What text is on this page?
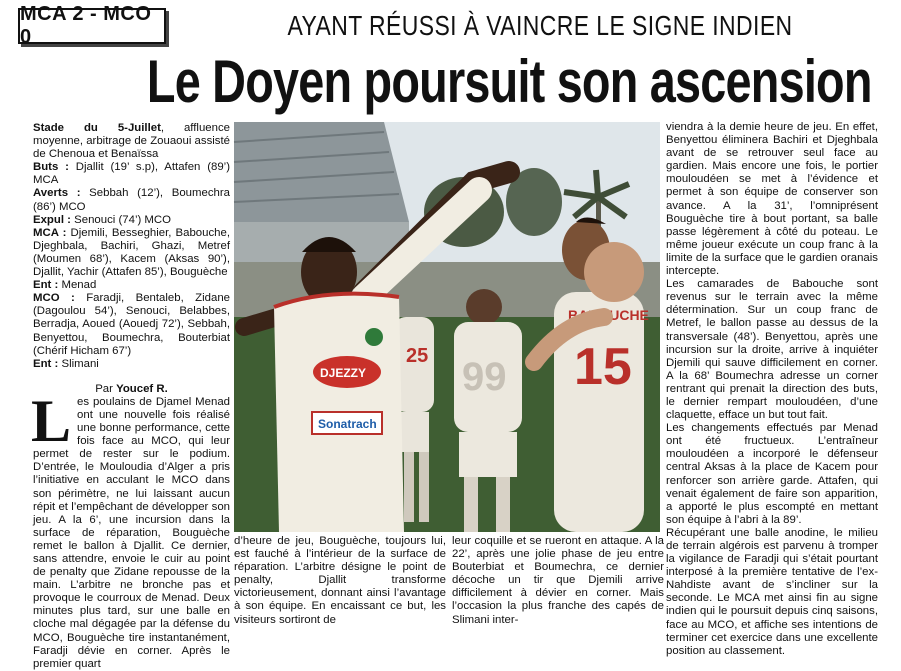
MCA 2 - MCO 0	AYANT RÉUSSI À VAINCRE LE SIGNE INDIEN
Le Doyen poursuit son ascension

Stade du 5-Juillet, affluence moyenne, arbitrage de Zouaoui assisté de Chenoua et Benaïssa

Buts : Djallit (19’ s.p), Attafen (89’) MCA

Averts : Sebbah (12’), Boumechra (86’) MCO

Expul : Senouci (74’) MCO

MCA : Djemili, Besseghier, Babouche, Djeghbala, Bachiri, Ghazi, Metref (Moumen 68’), Kacem (Aksas 90’), Djallit, Yachir (Attafen 85’), Bouguèche

Ent : Menad

MCO : Faradji, Bentaleb, Zidane (Dagoulou 54’), Senouci, Belabbes, Berradja, Aoued (Aouedj 72’), Sebbah, Benyettou, Boumechra, Bouterbiat (Chérif Hicham 67’)

Ent : Slimani

Par Youcef R.

Les poulains de Djamel Menad ont une nouvelle fois réalisé une bonne performance, cette fois face au MCO, qui leur permet de rester sur le podium. D’entrée, le Mouloudia d’Alger a pris l’initiative en acculant le MCO dans son périmètre, ne lui laissant aucun répit et l’empêchant de développer son jeu. A la 6’, une incursion dans la surface de réparation, Bouguèche remet le ballon à Djallit. Ce dernier, sans attendre, envoie le cuir au point de penalty que Zidane repousse de la main. L’arbitre ne bronche pas et provoque le courroux de Menad. Deux minutes plus tard, sur une balle en cloche mal dégagée par la défense du MCO, Bouguèche tire instantanément, Faradji dévie en corner. Après le premier quart

25 99
DJEZZY
Sonatrach
BABOUCHE
15

d’heure de jeu, Bouguèche, toujours lui, est fauché à l’intérieur de la surface de réparation. L’arbitre désigne le point de penalty, Djallit transforme victorieusement, donnant ainsi l’avantage à son équipe. En encaissant ce but, les visiteurs sortiront de

leur coquille et se rueront en attaque. A la 22’, après une jolie phase de jeu entre Bouterbiat et Boumechra, ce dernier décoche un tir que Djemili arrive difficilement à dévier en corner. Mais l’occasion la plus franche des capés de Slimani inter-

viendra à la demie heure de jeu. En effet, Benyettou éliminera Bachiri et Djeghbala avant de se retrouver seul face au gardien. Mais encore une fois, le portier mouloudéen se met à l’évidence et permet à son équipe de conserver son avance. A la 31’, l’omniprésent Bouguèche tire à bout portant, sa balle passe légèrement à côté du poteau. Le même joueur exécute un coup franc à la limite de la surface que le gardien oranais intercepte.

Les camarades de Babouche sont revenus sur le terrain avec la même détermination. Sur un coup franc de Metref, le ballon passe au dessus de la transversale (48’). Benyettou, après une incursion sur la droite, arrive à inquiéter Djemili qui sauve difficilement en corner. A la 68’ Boumechra adresse un corner rentrant qui prenait la direction des buts, le dernier rempart mouloudéen, d’une claquette, efface un but tout fait.

Les changements effectués par Menad ont été fructueux. L’entraîneur mouloudéen a incorporé le défenseur central Aksas à la place de Kacem pour renforcer son arrière garde. Attafen, qui venait également de faire son apparition, a apporté le plus escompté en mettant son équipe à l’abri à la 89’.

Récupérant une balle anodine, le milieu de terrain algérois est parvenu à tromper la vigilance de Faradji qui s’était pourtant interposé à la première tentative de l’ex-Nahdiste avant de s’incliner sur la seconde. Le MCA met ainsi fin au signe indien qui le poursuit depuis cinq saisons, face au MCO, et affiche ses intentions de terminer cet exercice dans une excellente position au classement.
